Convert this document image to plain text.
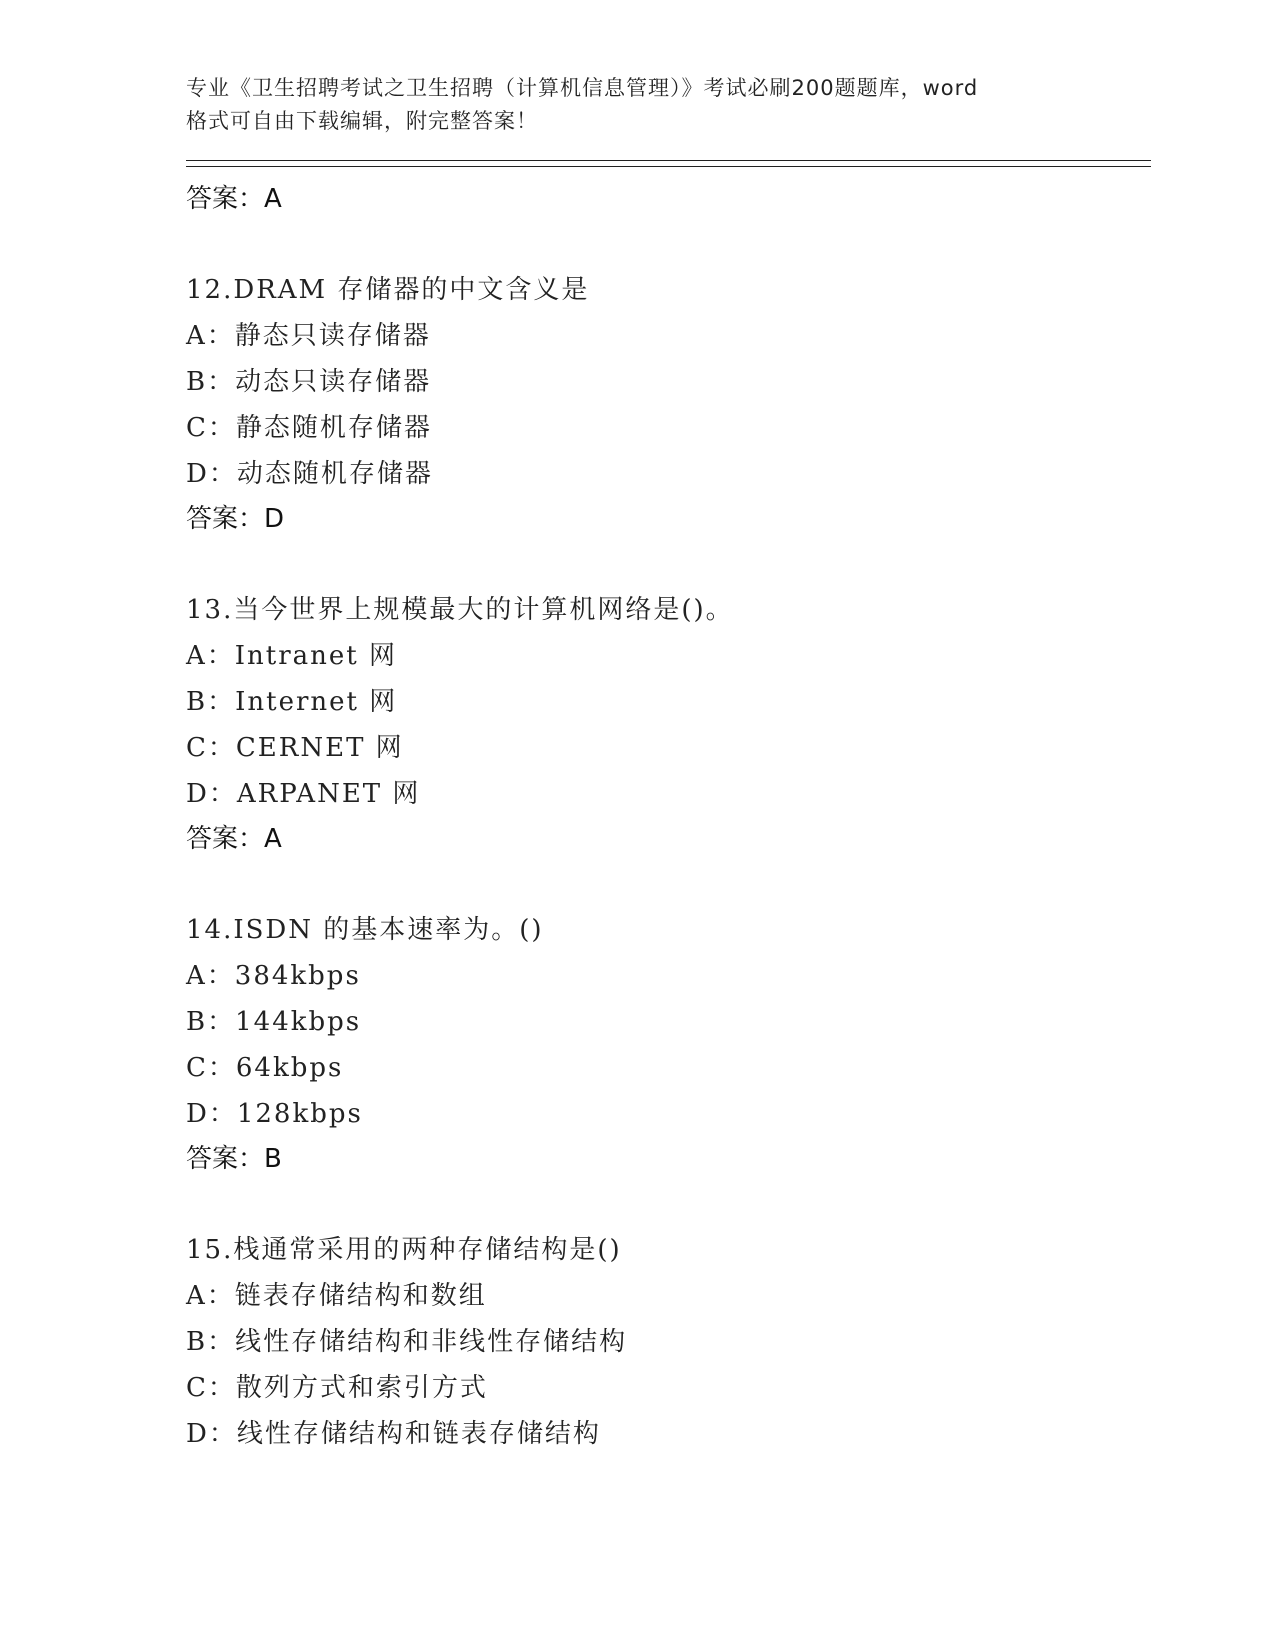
专业《卫生招聘考试之卫生招聘（计算机信息管理）》考试必刷200题题库，word

格式可自由下载编辑，附完整答案！

答案：A

12.DRAM 存储器的中文含义是

A：静态只读存储器

B：动态只读存储器

C：静态随机存储器

D：动态随机存储器

答案：D

13.当今世界上规模最大的计算机网络是()。

A：Intranet 网

B：Internet 网

C：CERNET 网

D：ARPANET 网

答案：A

14.ISDN 的基本速率为。()

A：384kbps

B：144kbps

C：64kbps

D：128kbps

答案：B

15.栈通常采用的两种存储结构是()

A：链表存储结构和数组

B：线性存储结构和非线性存储结构

C：散列方式和索引方式

D：线性存储结构和链表存储结构
